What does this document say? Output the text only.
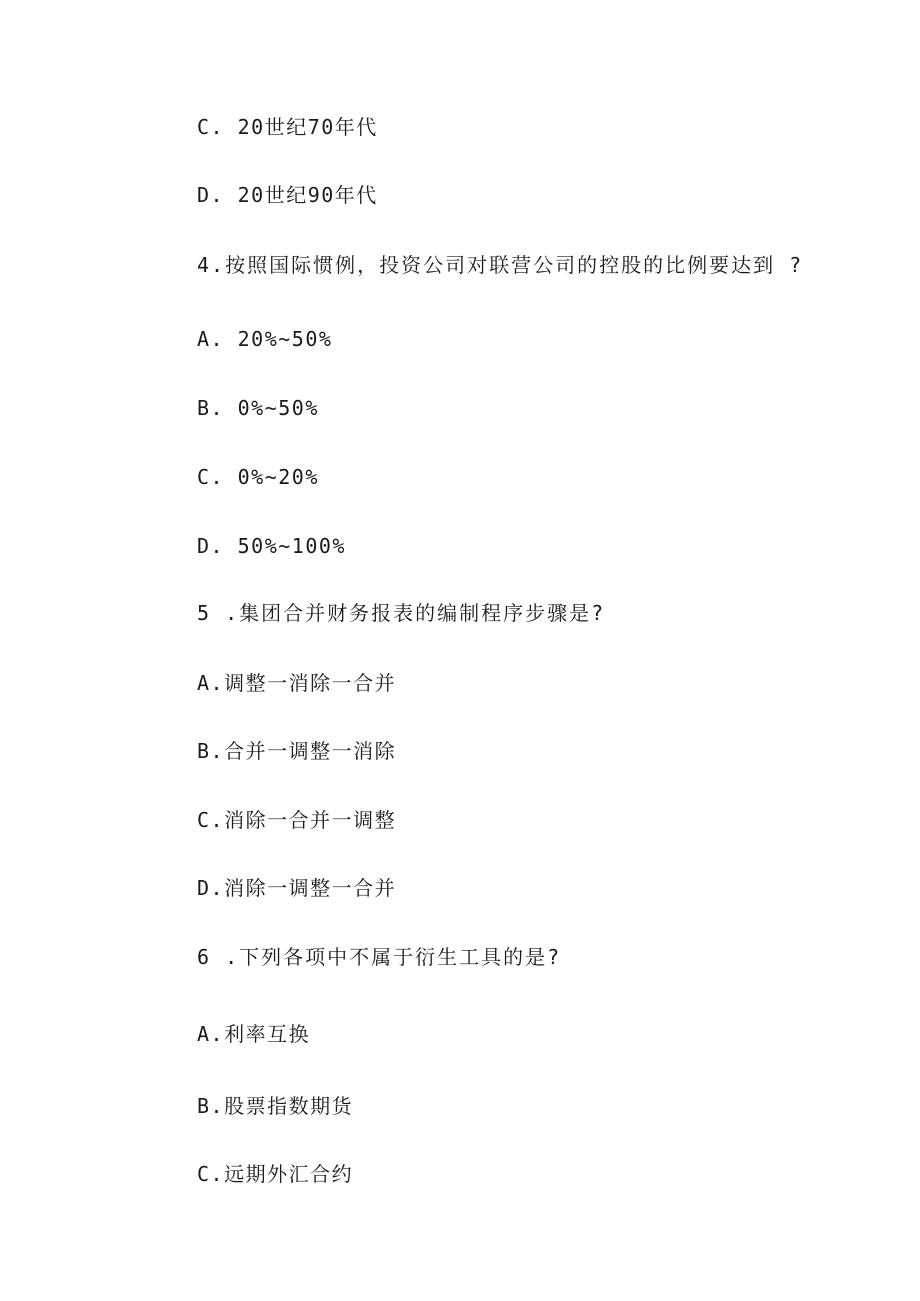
C. 20世纪70年代
D. 20世纪90年代
4.按照国际惯例，投资公司对联营公司的控股的比例要达到 ?
A. 20%~50%
B. 0%~50%
C. 0%~20%
D. 50%~100%
5 .集团合并财务报表的编制程序步骤是?
A.调整一消除一合并
B.合并一调整一消除
C.消除一合并一调整
D.消除一调整一合并
6 .下列各项中不属于衍生工具的是?
A.利率互换
B.股票指数期货
C.远期外汇合约
